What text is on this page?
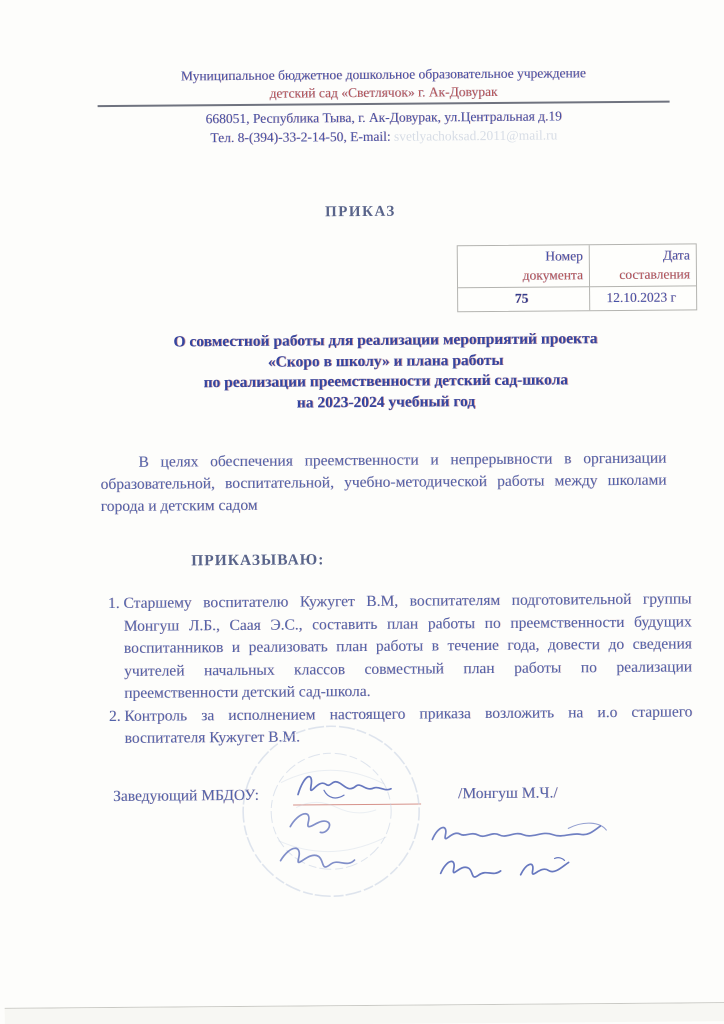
Муниципальное бюджетное дошкольное образовательное учреждение
детский сад «Светлячок» г. Ак-Довурак
668051, Республика Тыва, г. Ак-Довурак, ул.Центральная д.19
Тел. 8-(394)-33-2-14-50, E-mail: svetlyachoksad.2011@mail.ru
ПРИКАЗ
Номер
документа
Дата
составления
75	12.10.2023 г
О совместной работы для реализации мероприятий проекта
«Скоро в школу» и плана работы
по реализации преемственности детский сад-школа
на 2023-2024 учебный год
В целях обеспечения преемственности и непрерывности в организации образовательной, воспитательной, учебно-методической работы между школами города и детским садом
ПРИКАЗЫВАЮ:
1. Старшему воспитателю Кужугет В.М, воспитателям подготовительной группы Монгуш Л.Б., Саая Э.С., составить план работы по преемственности будущих воспитанников и реализовать план работы в течение года, довести до сведения учителей начальных классов совместный план работы по реализации преемственности детский сад-школа.
2. Контроль за исполнением настоящего приказа возложить на и.о старшего воспитателя Кужугет В.М.
Заведующий МБДОУ:	/Монгуш М.Ч./
